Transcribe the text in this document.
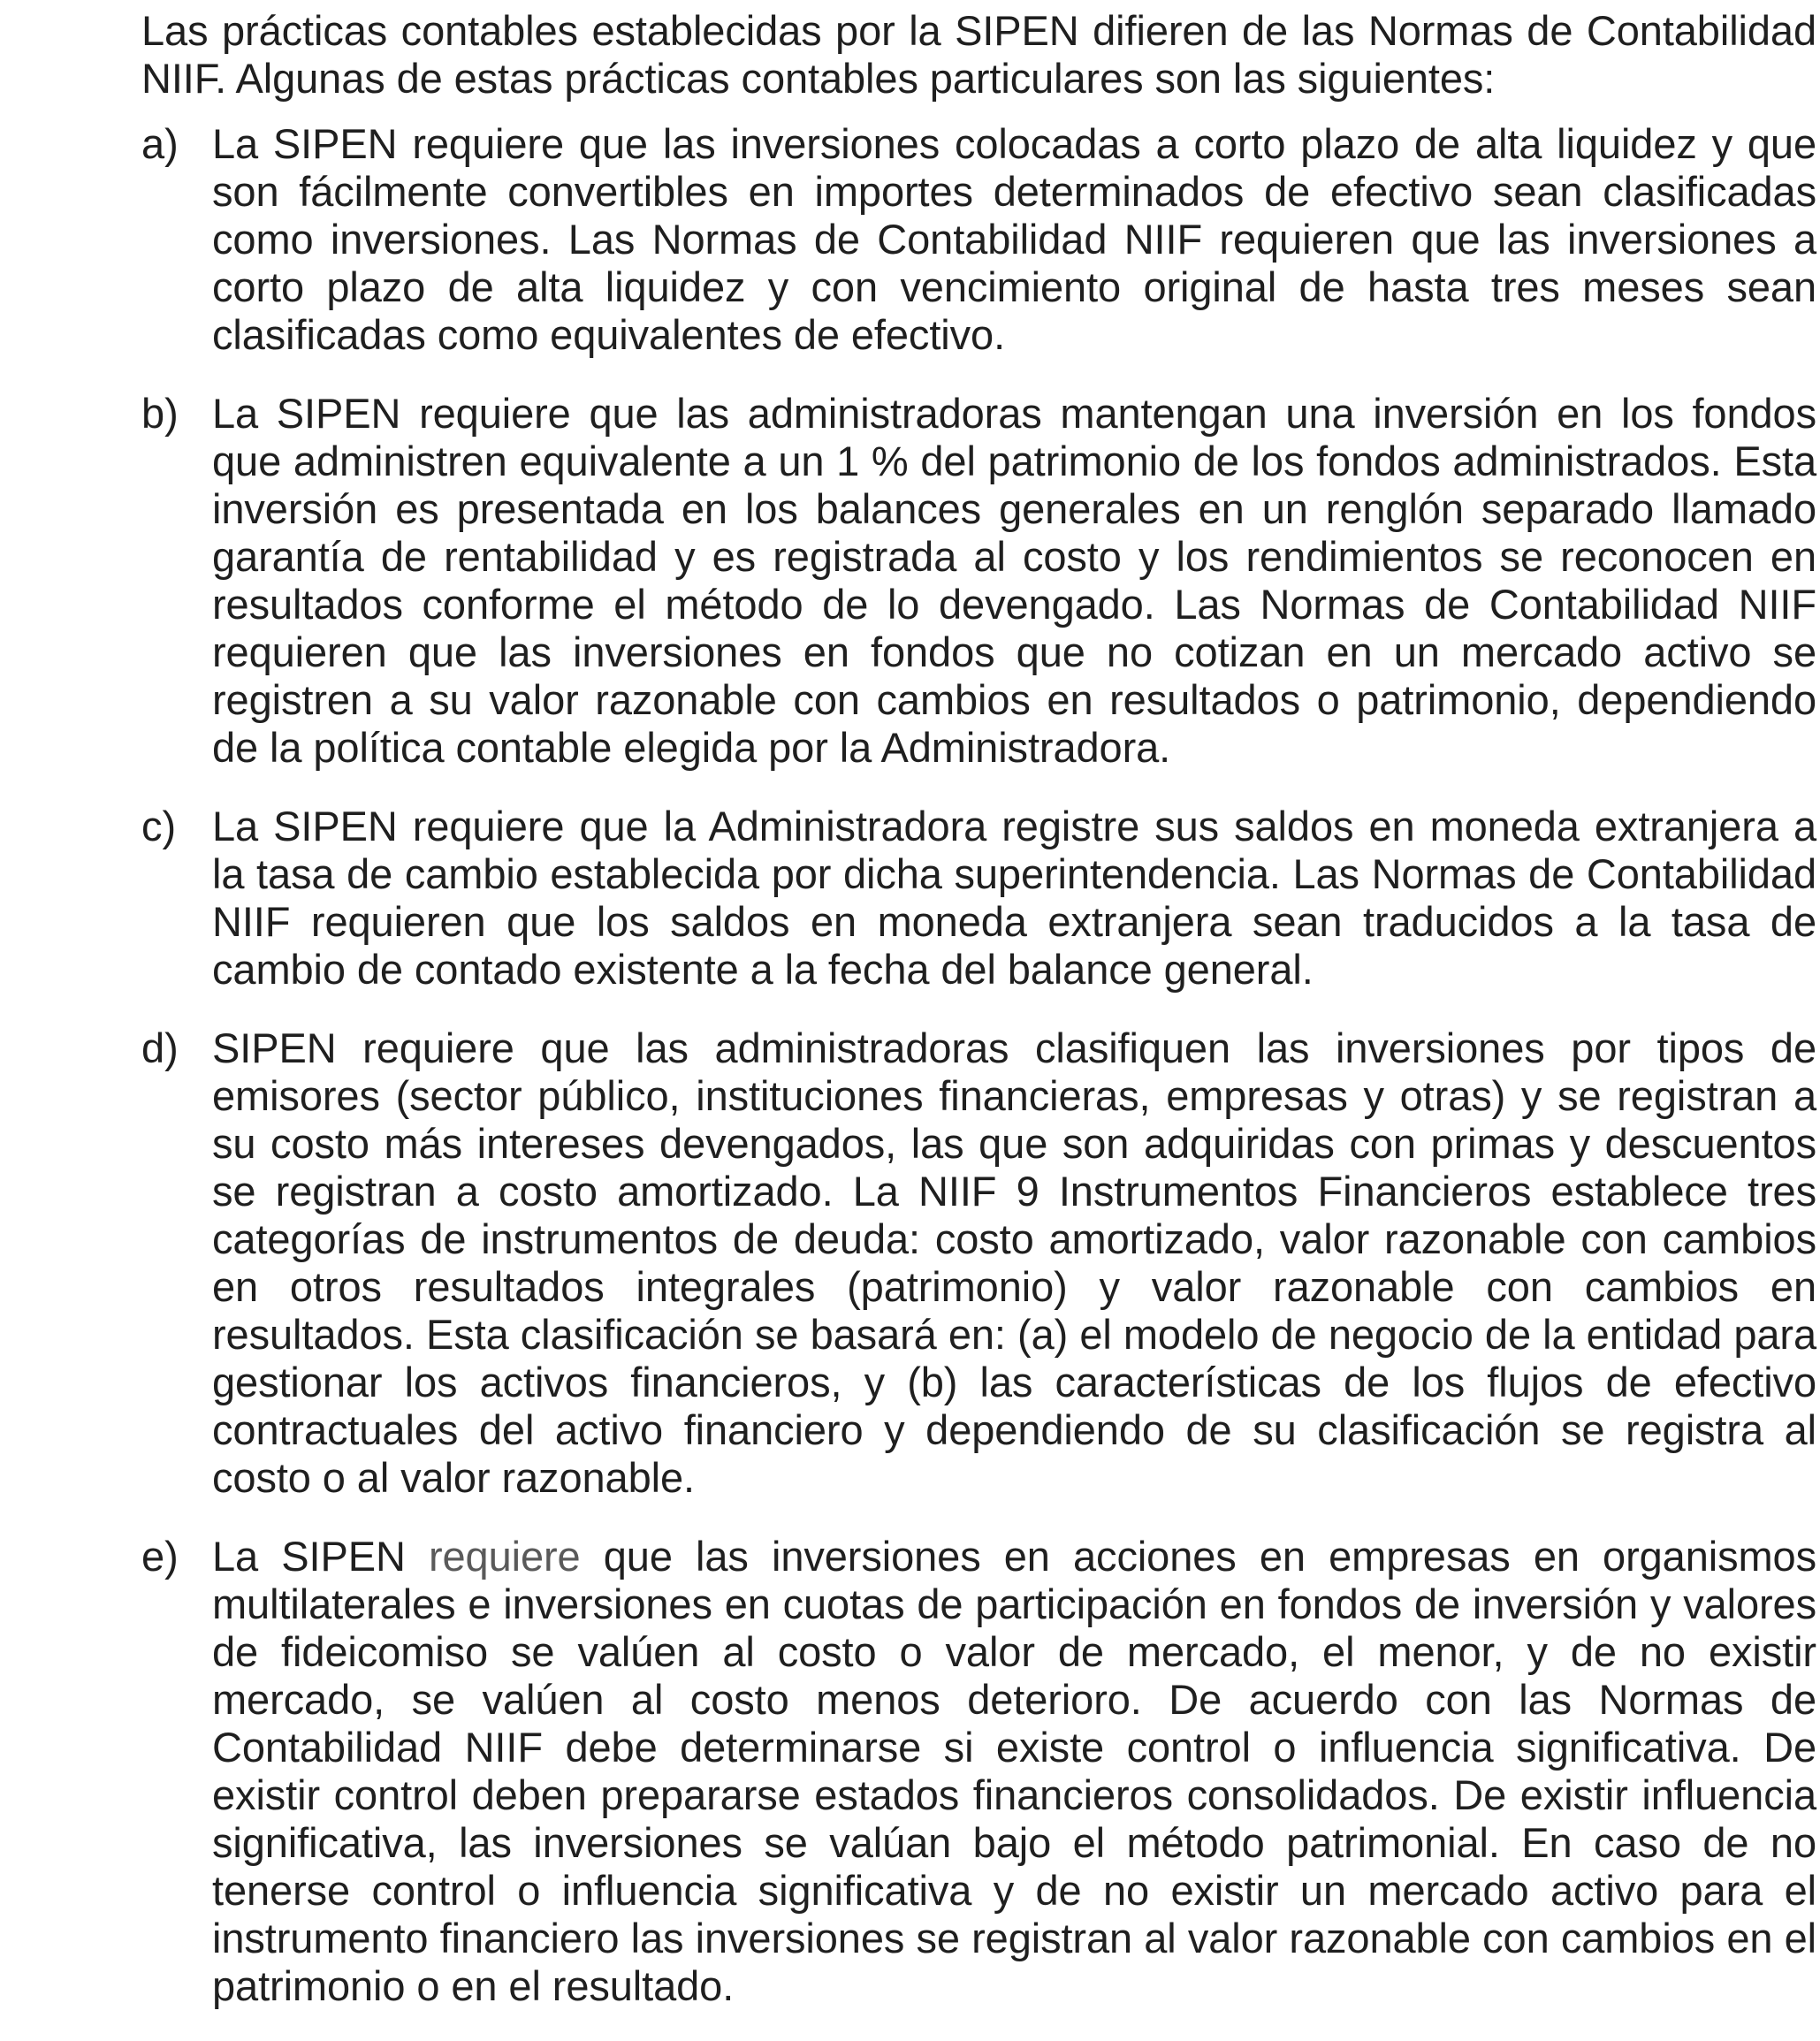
Las prácticas contables establecidas por la SIPEN difieren de las Normas de Contabilidad NIIF. Algunas de estas prácticas contables particulares son las siguientes:

a) La SIPEN requiere que las inversiones colocadas a corto plazo de alta liquidez y que son fácilmente convertibles en importes determinados de efectivo sean clasificadas como inversiones. Las Normas de Contabilidad NIIF requieren que las inversiones a corto plazo de alta liquidez y con vencimiento original de hasta tres meses sean clasificadas como equivalentes de efectivo.
b) La SIPEN requiere que las administradoras mantengan una inversión en los fondos que administren equivalente a un 1 % del patrimonio de los fondos administrados. Esta inversión es presentada en los balances generales en un renglón separado llamado garantía de rentabilidad y es registrada al costo y los rendimientos se reconocen en resultados conforme el método de lo devengado. Las Normas de Contabilidad NIIF requieren que las inversiones en fondos que no cotizan en un mercado activo se registren a su valor razonable con cambios en resultados o patrimonio, dependiendo de la política contable elegida por la Administradora.
c) La SIPEN requiere que la Administradora registre sus saldos en moneda extranjera a la tasa de cambio establecida por dicha superintendencia. Las Normas de Contabilidad NIIF requieren que los saldos en moneda extranjera sean traducidos a la tasa de cambio de contado existente a la fecha del balance general.
d) SIPEN requiere que las administradoras clasifiquen las inversiones por tipos de emisores (sector público, instituciones financieras, empresas y otras) y se registran a su costo más intereses devengados, las que son adquiridas con primas y descuentos se registran a costo amortizado. La NIIF 9 Instrumentos Financieros establece tres categorías de instrumentos de deuda: costo amortizado, valor razonable con cambios en otros resultados integrales (patrimonio) y valor razonable con cambios en resultados. Esta clasificación se basará en: (a) el modelo de negocio de la entidad para gestionar los activos financieros, y (b) las características de los flujos de efectivo contractuales del activo financiero y dependiendo de su clasificación se registra al costo o al valor razonable.
e) La SIPEN requiere que las inversiones en acciones en empresas en organismos multilaterales e inversiones en cuotas de participación en fondos de inversión y valores de fideicomiso se valúen al costo o valor de mercado, el menor, y de no existir mercado, se valúen al costo menos deterioro. De acuerdo con las Normas de Contabilidad NIIF debe determinarse si existe control o influencia significativa. De existir control deben prepararse estados financieros consolidados. De existir influencia significativa, las inversiones se valúan bajo el método patrimonial. En caso de no tenerse control o influencia significativa y de no existir un mercado activo para el instrumento financiero las inversiones se registran al valor razonable con cambios en el patrimonio o en el resultado.
